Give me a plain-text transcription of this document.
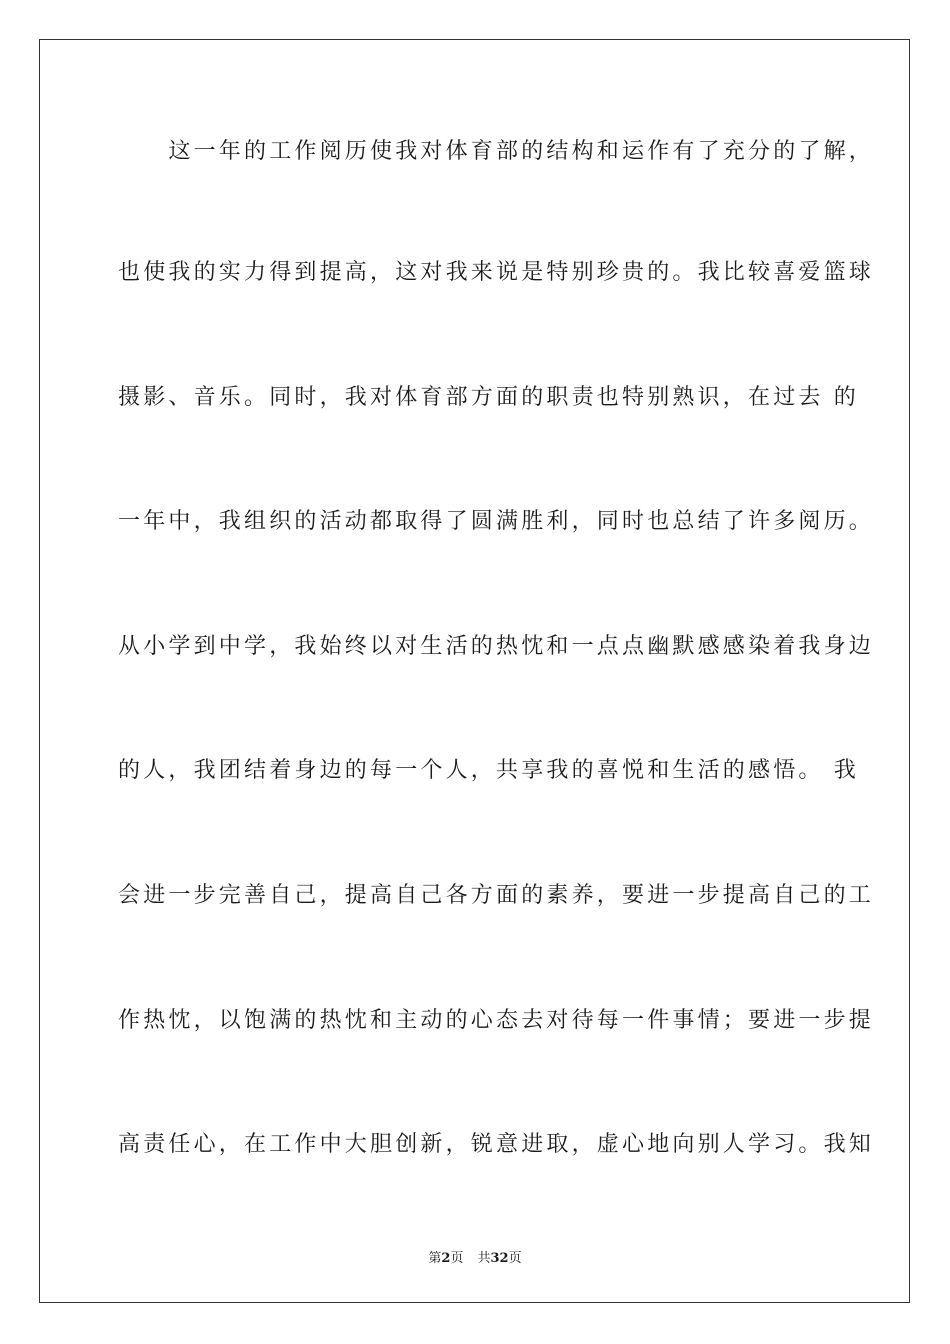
　　这一年的工作阅历使我对体育部的结构和运作有了充分的了解，
也使我的实力得到提高，这对我来说是特别珍贵的。我比较喜爱篮球
摄影、音乐。同时，我对体育部方面的职责也特别熟识，在过去 的
一年中，我组织的活动都取得了圆满胜利，同时也总结了许多阅历。
从小学到中学，我始终以对生活的热忱和一点点幽默感感染着我身边
的人，我团结着身边的每一个人，共享我的喜悦和生活的感悟。 我
会进一步完善自己，提高自己各方面的素养，要进一步提高自己的工
作热忱，以饱满的热忱和主动的心态去对待每一件事情；要进一步提
高责任心，在工作中大胆创新，锐意进取，虚心地向别人学习。我知
第2页 共32页
